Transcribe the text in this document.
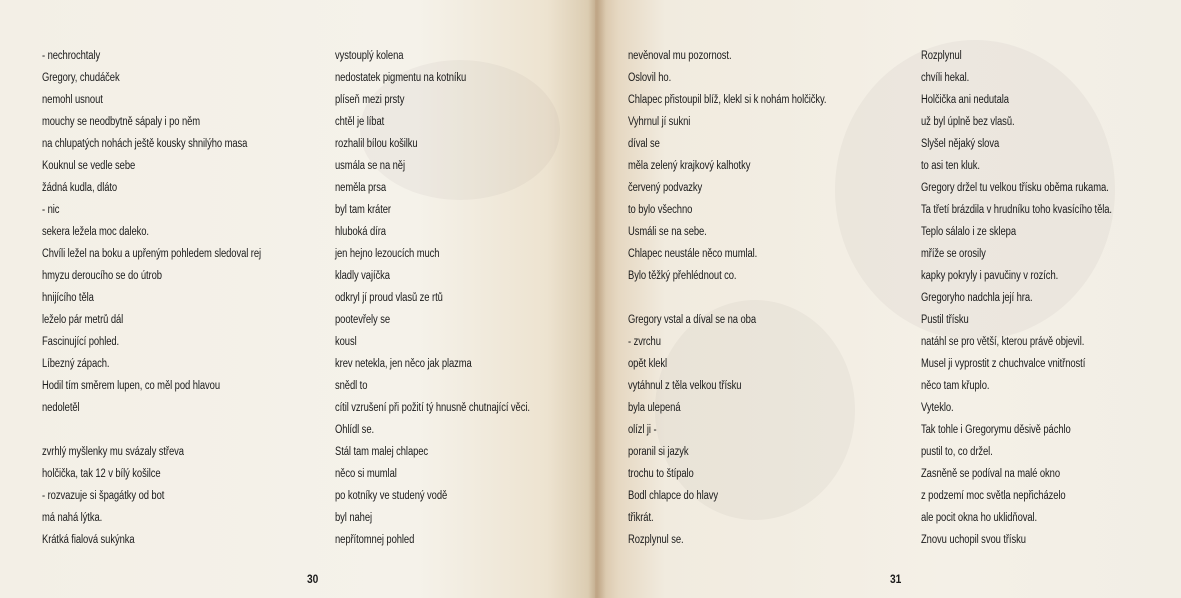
- nechrochtaly
Gregory, chudáček
nemohl usnout
mouchy se neodbytně sápaly i po něm
na chlupatých nohách ještě kousky shnilýho masa
Kouknul se vedle sebe
žádná kudla, dláto
- nic
sekera ležela moc daleko.
Chvíli ležel na boku a upřeným pohledem sledoval rej
hmyzu deroucího se do útrob
hnijícího těla
leželo pár metrů dál
Fascinující pohled.
Líbezný zápach.
Hodil tím směrem lupen, co měl pod hlavou
nedoletěl
zvrhlý myšlenky mu svázaly střeva
holčička, tak 12 v bílý košilce
- rozvazuje si špagátky od bot
má nahá lýtka.
Krátká fialová sukýnka
vystouplý kolena
nedostatek pigmentu na kotníku
plíseň mezi prsty
chtěl je líbat
rozhalil bílou košilku
usmála se na něj
neměla prsa
byl tam kráter
hluboká díra
jen hejno lezoucích much
kladly vajíčka
odkryl jí proud vlasů ze rtů
pootevřely se
kousl
krev netekla, jen něco jak plazma
snědl to
cítil vzrušení při požití tý hnusně chutnající věci.
Ohlídl se.
Stál tam malej chlapec
něco si mumlal
po kotníky ve studený vodě
byl nahej
nepřítomnej pohled
30
nevěnoval mu pozornost.
Oslovil ho.
Chlapec přistoupil blíž, klekl si k nohám holčičky.
Vyhrnul jí sukni
díval se
měla zelený krajkový kalhotky
červený podvazky
to bylo všechno
Usmáli se na sebe.
Chlapec neustále něco mumlal.
Bylo těžký přehlédnout co.
Gregory vstal a díval se na oba
- zvrchu
opět klekl
vytáhnul z těla velkou třísku
byla ulepená
olízl ji -
poranil si jazyk
trochu to štípalo
Bodl chlapce do hlavy
třikrát.
Rozplynul se.
Rozplynul
chvíli hekal.
Holčička ani nedutala
už byl úplně bez vlasů.
Slyšel nějaký slova
to asi ten kluk.
Gregory držel tu velkou třísku oběma rukama.
Ta třetí brázdila v hrudníku toho kvasícího těla.
Teplo sálalo i ze sklepa
mříže se orosily
kapky pokryly i pavučiny v rozích.
Gregoryho nadchla její hra.
Pustil třísku
natáhl se pro větší, kterou právě objevil.
Musel ji vyprostit z chuchvalce vnitřností
něco tam křuplo.
Vyteklo.
Tak tohle i Gregorymu děsivě páchlo
pustil to, co držel.
Zasněně se podíval na malé okno
z podzemí moc světla nepřicházelo
ale pocit okna ho uklidňoval.
Znovu uchopil svou třísku
31
